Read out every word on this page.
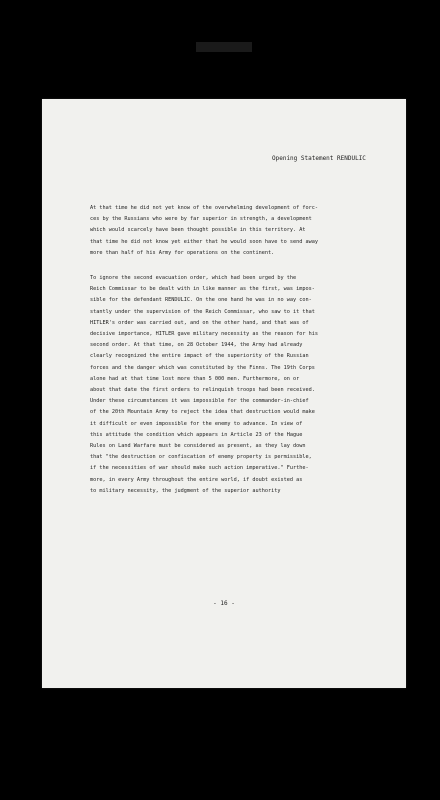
Opening Statement RENDULIC

At that time he did not yet know of the overwhelming development of forc-
ces by the Russians who were by far superior in strength, a development
which would scarcely have been thought possible in this territory. At
that time he did not know yet either that he would soon have to send away
more than half of his Army for operations on the continent.

To ignore the second evacuation order, which had been urged by the
Reich Commissar to be dealt with in like manner as the first, was impos-
sible for the defendant RENDULIC. On the one hand he was in no way con-
stantly under the supervision of the Reich Commissar, who saw to it that
HITLER's order was carried out, and on the other hand, and that was of
decisive importance, HITLER gave military necessity as the reason for his
second order. At that time, on 28 October 1944, the Army had already
clearly recognized the entire impact of the superiority of the Russian
forces and the danger which was constituted by the Finns. The 19th Corps
alone had at that time lost more than 5 000 men. Furthermore, on or
about that date the first orders to relinquish troops had been received.
Under these circumstances it was impossible for the commander-in-chief
of the 20th Mountain Army to reject the idea that destruction would make
it difficult or even impossible for the enemy to advance. In view of
this attitude the condition which appears in Article 23 of the Hague
Rules on Land Warfare must be considered as present, as they lay down
that "the destruction or confiscation of enemy property is permissible,
if the necessities of war should make such action imperative." Furthe-
more, in every Army throughout the entire world, if doubt existed as
to military necessity, the judgment of the superior authority

- 16 -
